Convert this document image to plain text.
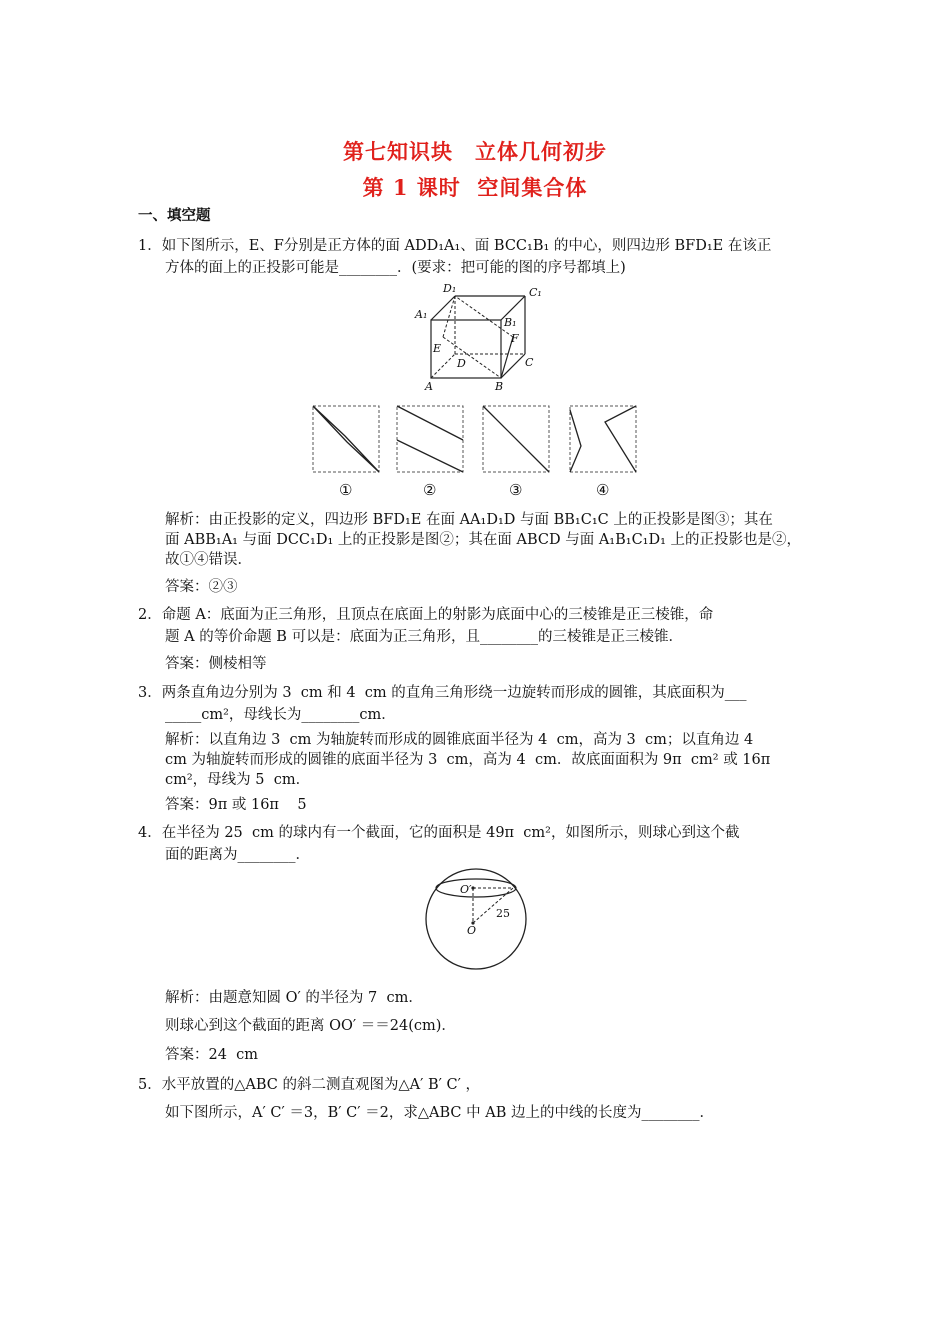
第七知识块　立体几何初步
第 1 课时  空间集合体
一、填空题
1．如下图所示，E、F分别是正方体的面 ADD₁A₁、面 BCC₁B₁ 的中心，则四边形 BFD₁E 在该正
方体的面上的正投影可能是________．(要求：把可能的图的序号都填上)
D₁	C₁
A₁
B₁
E
F
D	C
A	B
①	②	③	④
解析：由正投影的定义，四边形 BFD₁E 在面 AA₁D₁D 与面 BB₁C₁C 上的正投影是图③；其在
面 ABB₁A₁ 与面 DCC₁D₁ 上的正投影是图②；其在面 ABCD 与面 A₁B₁C₁D₁ 上的正投影也是②，
故①④错误．
答案：②③
2．命题 A：底面为正三角形，且顶点在底面上的射影为底面中心的三棱锥是正三棱锥，命
题 A 的等价命题 B 可以是：底面为正三角形，且________的三棱锥是正三棱锥．
答案：侧棱相等
3．两条直角边分别为 3  cm 和 4  cm 的直角三角形绕一边旋转而形成的圆锥，其底面积为___
_____cm²，母线长为________cm．
解析：以直角边 3  cm 为轴旋转而形成的圆锥底面半径为 4  cm，高为 3  cm；以直角边 4
cm 为轴旋转而形成的圆锥的底面半径为 3  cm，高为 4  cm．故底面面积为 9π  cm² 或 16π
cm²，母线为 5  cm．
答案：9π 或 16π    5
4．在半径为 25  cm 的球内有一个截面，它的面积是 49π  cm²，如图所示，则球心到这个截
面的距离为________．
O′
25
O
解析：由题意知圆 O′ 的半径为 7  cm．
则球心到这个截面的距离 OO′ ＝＝24(cm)．
答案：24  cm
5．水平放置的△ABC 的斜二测直观图为△A′ B′ C′ ，
如下图所示，A′ C′ ＝3，B′ C′ ＝2，求△ABC 中 AB 边上的中线的长度为________．
